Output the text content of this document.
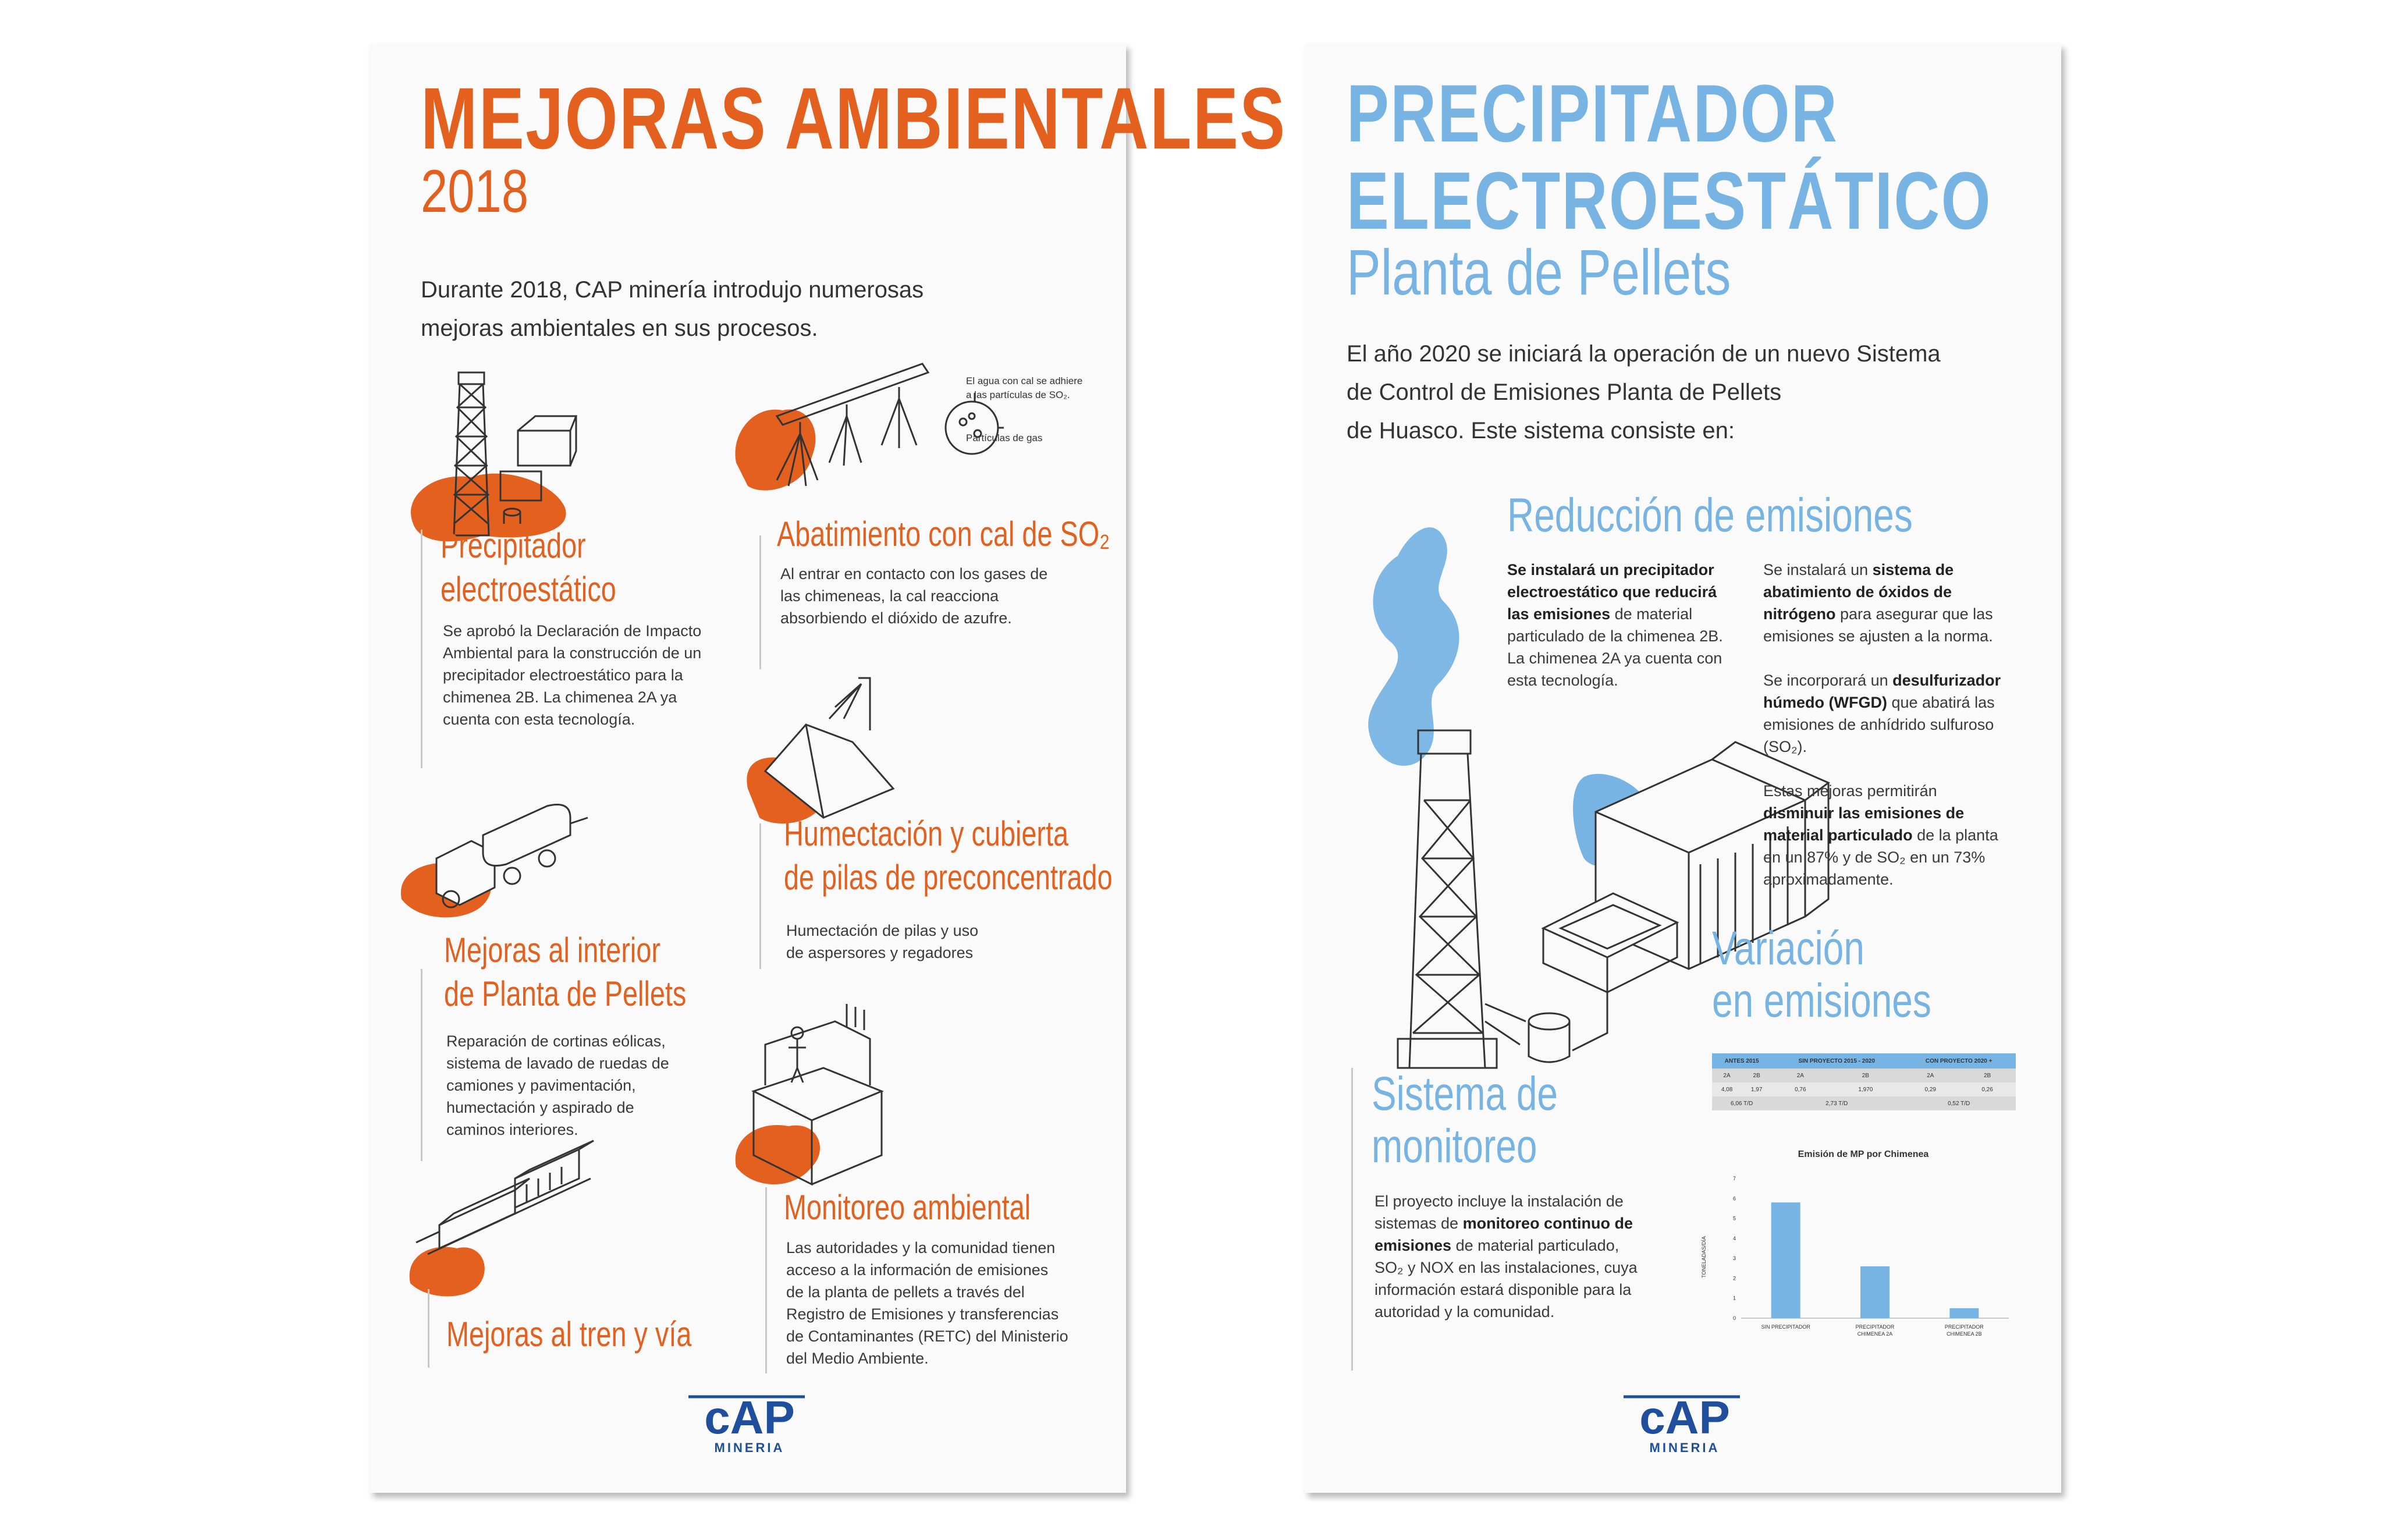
MEJORAS AMBIENTALES
2018
Durante 2018, CAP minería introdujo numerosas
mejoras ambientales en sus procesos.
Precipitador
electroestático
Se aprobó la Declaración de Impacto
Ambiental para la construcción de un
precipitador electroestático para la
chimenea 2B. La chimenea 2A ya
cuenta con esta tecnología.
El agua con cal se adhiere
a las partículas de SO₂.
Partículas de gas
Abatimiento con cal de SO₂
Al entrar en contacto con los gases de
las chimeneas, la cal reacciona
absorbiendo el dióxido de azufre.
Humectación y cubierta
de pilas de preconcentrado
Humectación de pilas y uso
de aspersores y regadores
Mejoras al interior
de Planta de Pellets
Reparación de cortinas eólicas,
sistema de lavado de ruedas de
camiones y pavimentación,
humectación y aspirado de
caminos interiores.
Monitoreo ambiental
Las autoridades y la comunidad tienen
acceso a la información de emisiones
de la planta de pellets a través del
Registro de Emisiones y transferencias
de Contaminantes (RETC) del Ministerio
del Medio Ambiente.
Mejoras al tren y vía
cAP
MINERIA
PRECIPITADOR
ELECTROESTÁTICO
Planta de Pellets
El año 2020 se iniciará la operación de un nuevo Sistema
de Control de Emisiones Planta de Pellets
de Huasco. Este sistema consiste en:
Reducción de emisiones
Se instalará un precipitador electroestático que reducirá las emisiones de material particulado de la chimenea 2B. La chimenea 2A ya cuenta con esta tecnología.

Se instalará un sistema de abatimiento de óxidos de nitrógeno para asegurar que las emisiones se ajusten a la norma.

Se incorporará un desulfurizador húmedo (WFGD) que abatirá las emisiones de anhídrido sulfuroso (SO₂).

Estas mejoras permitirán disminuir las emisiones de material particulado de la planta en un 87% y de SO₂ en un 73% aproximadamente.

Variación
en emisiones
ANTES 2015		SIN PROYECTO 2015 - 2020		CON PROYECTO 2020 +	
2A	2B	2A	2B	2A	2B
4,08	1,97	0,76	1,970	0,29	0,26
6,06 T/D		2,73 T/D		0,52 T/D	
Emisión de MP por Chimenea
TONELADAS/DÍA
0
1
2
3
4
5
6
7
SIN PRECIPITADOR	PRECIPITADOR CHIMENEA 2A
PRECIPITADOR CHIMENEA 2B
Sistema de
monitoreo
El proyecto incluye la instalación de sistemas de monitoreo continuo de emisiones de material particulado, SO₂ y NOX en las instalaciones, cuya información estará disponible para la autoridad y la comunidad.
cAP
MINERIA
